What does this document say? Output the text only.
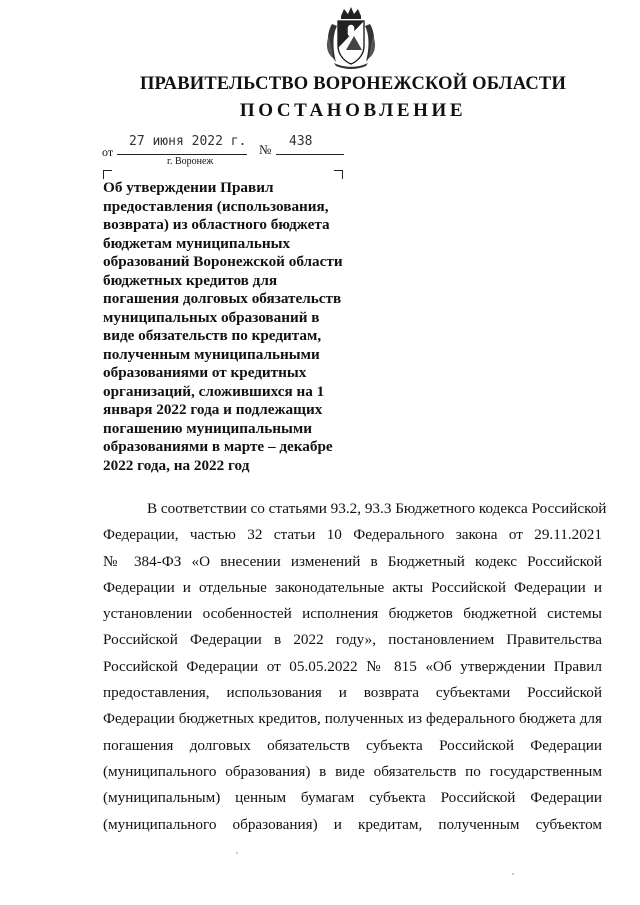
ПРАВИТЕЛЬСТВО ВОРОНЕЖСКОЙ ОБЛАСТИ
ПОСТАНОВЛЕНИЕ
от
27 июня 2022 г.
№
438
г. Воронеж
Об утверждении Правил
предоставления (использования,
возврата) из областного бюджета
бюджетам муниципальных
образований Воронежской области
бюджетных кредитов для
погашения долговых обязательств
муниципальных образований в
виде обязательств по кредитам,
полученным муниципальными
образованиями от кредитных
организаций, сложившихся на 1
января 2022 года и подлежащих
погашению муниципальными
образованиями в марте – декабре
2022 года, на 2022 год
В соответствии со статьями 93.2, 93.3 Бюджетного кодекса Российской
Федерации, частью 32 статьи 10 Федерального закона от 29.11.2021
№ 384-ФЗ «О внесении изменений в Бюджетный кодекс Российской
Федерации и отдельные законодательные акты Российской Федерации и
установлении особенностей исполнения бюджетов бюджетной системы
Российской Федерации в 2022 году», постановлением Правительства
Российской Федерации от 05.05.2022 № 815 «Об утверждении Правил
предоставления, использования и возврата субъектами Российской
Федерации бюджетных кредитов, полученных из федерального бюджета для
погашения долговых обязательств субъекта Российской Федерации
(муниципального образования) в виде обязательств по государственным
(муниципальным) ценным бумагам субъекта Российской Федерации
(муниципального образования) и кредитам, полученным субъектом
